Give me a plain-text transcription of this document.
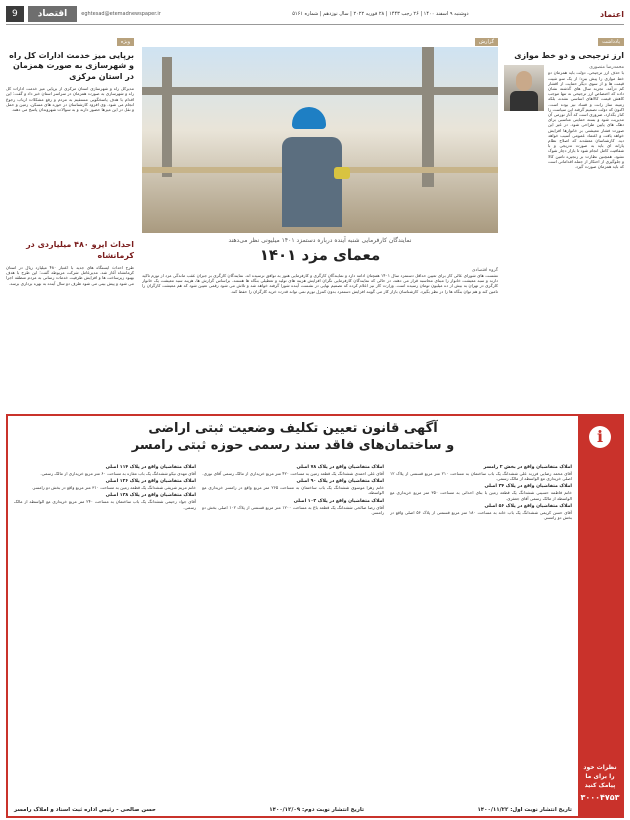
اعتماد
دوشنبه ۹ اسفند ۱۴۰۰ | ۲۶ رجب ۱۴۴۳ | ۲۸ فوریه ۲۰۲۲ | سال نوزدهم | شماره ۵۱۶۱
eghtesad@etemadnewspaper.ir
اقتصاد
9
یادداشت
ارز ترجیحی و دو خط موازی
محمدرضا منصوری
با حذف ارز ترجیحی، دولت باید همزمان دو خط موازی را پیش ببرد؛ از یک سو تثبیت قیمت ها و از سوی دیگر حمایت از اقشار کم درآمد. تجربه سال های گذشته نشان داده که اختصاص ارز ترجیحی نه تنها موجب کاهش قیمت کالاهای اساسی نشده، بلکه زمینه ساز رانت و فساد نیز بوده است. اکنون که دولت تصمیم گرفته این سیاست را کنار بگذارد، ضروری است که آثار تورمی آن مدیریت شود و بسته حمایتی مناسبی برای دهک های پایین طراحی شود. در غیر این صورت فشار معیشتی بر خانوارها افزایش خواهد یافت و اعتماد عمومی آسیب خواهد دید. کارشناسان معتقدند که اصلاح نظام یارانه ای باید به صورت تدریجی و با شفافیت کامل انجام شود تا بازار دچار شوک نشود. همچنین نظارت بر زنجیره تامین کالا و جلوگیری از احتکار از جمله اقداماتی است که باید همزمان صورت گیرد.
گزارش
نمایندگان کارفرمایی شنبه آینده درباره دستمزد ۱۴۰۱ میلیونی نظر می‌دهند
معمای مزد ۱۴۰۱
گروه اقتصادی
نشست های شورای عالی کار برای تعیین حداقل دستمزد سال ۱۴۰۱ همچنان ادامه دارد و نمایندگان کارگری و کارفرمایی هنوز به توافق نرسیده اند. نمایندگان کارگری بر جبران عقب ماندگی مزد از تورم تاکید دارند و سبد معیشت خانوار را مبنای محاسبه قرار می دهند، در حالی که نمایندگان کارفرمایی نگران افزایش هزینه های تولید و تعطیلی بنگاه ها هستند. براساس گزارش ها، هزینه سبد معیشت یک خانوار کارگری در تهران به بیش از ده میلیون تومان رسیده است. وزارت کار نیز اعلام کرده که تصمیم نهایی در نشست آینده شورا گرفته خواهد شد و تلاش می شود رقمی تعیین شود که هم معیشت کارگران را تامین کند و هم توان بنگاه ها را در نظر بگیرد. کارشناسان بازار کار می گویند افزایش دستمزد بدون کنترل تورم نمی تواند قدرت خرید کارگران را حفظ کند.
ویژه
برپایی میز خدمت ادارات کل راه و شهرسازی به صورت همزمان در استان مرکزی
مدیرکل راه و شهرسازی استان مرکزی از برپایی میز خدمت ادارات کل راه و شهرسازی به صورت همزمان در سراسر استان خبر داد و گفت: این اقدام با هدف پاسخگویی مستقیم به مردم و رفع مشکلات ارباب رجوع انجام می شود. وی افزود کارشناسان در حوزه های مسکن، زمین و حمل و نقل در این میزها حضور دارند و به سوالات شهروندان پاسخ می دهند.
احداث ایرو ۴۸۰ میلیاردی در کرمانشاه
طرح احداث ایستگاه های جدید با اعتبار ۴۸۰ میلیارد ریال در استان کرمانشاه آغاز شد. مدیرعامل شرکت مربوطه گفت: این طرح با هدف بهبود زیرساخت ها و افزایش ظرفیت خدمات رسانی به مردم منطقه اجرا می شود و پیش بینی می شود ظرف دو سال آینده به بهره برداری برسد.
i
نظرات خود را برای ما پیامک کنید
۳۰۰۰۴۷۵۳
آگهی قانون تعیین تکلیف وضعیت ثبتی اراضی
و ساختمان‌های فاقد سند رسمی حوزه ثبتی رامسر
املاک متقاضیان واقع در بخش ۲ رامسر
آقای محمد رضایی فرزند علی ششدانگ یک باب ساختمان به مساحت ۲۱۰ متر مربع قسمتی از پلاک ۱۲ اصلی خریداری مع الواسطه از مالک رسمی.
املاک متقاضیان واقع در پلاک ۳۴ اصلی
خانم فاطمه حسینی ششدانگ یک قطعه زمین با بنای احداثی به مساحت ۳۵۰ متر مربع خریداری مع الواسطه از مالک رسمی آقای جعفری.
املاک متقاضیان واقع در پلاک ۵۶ اصلی
آقای حسن کریمی ششدانگ یک باب خانه به مساحت ۱۸۰ متر مربع قسمتی از پلاک ۵۶ اصلی واقع در بخش دو رامسر.
املاک متقاضیان واقع در پلاک ۷۸ اصلی
آقای علی احمدی ششدانگ یک قطعه زمین به مساحت ۴۲۰ متر مربع خریداری از مالک رسمی آقای نوری.
املاک متقاضیان واقع در پلاک ۹۰ اصلی
خانم زهرا موسوی ششدانگ یک باب ساختمان به مساحت ۲۶۵ متر مربع واقع در رامسر خریداری مع الواسطه.
املاک متقاضیان واقع در پلاک ۱۰۲ اصلی
آقای رضا صالحی ششدانگ یک قطعه باغ به مساحت ۱۲۰۰ متر مربع قسمتی از پلاک ۱۰۲ اصلی بخش دو رامسر.
املاک متقاضیان واقع در پلاک ۱۱۴ اصلی
آقای مهدی نیکو ششدانگ یک باب مغازه به مساحت ۶۰ متر مربع خریداری از مالک رسمی.
املاک متقاضیان واقع در پلاک ۱۲۶ اصلی
خانم مریم شریفی ششدانگ یک قطعه زمین به مساحت ۳۱۰ متر مربع واقع در بخش دو رامسر.
املاک متقاضیان واقع در پلاک ۱۳۸ اصلی
آقای جواد رحیمی ششدانگ یک باب ساختمان به مساحت ۲۴۰ متر مربع خریداری مع الواسطه از مالک رسمی.
تاریخ انتشار نوبت اول: ۱۴۰۰/۱۱/۲۲
تاریخ انتشار نوبت دوم: ۱۴۰۰/۱۲/۰۹
حسن صالحی - رئیس اداره ثبت اسناد و املاک رامسر
